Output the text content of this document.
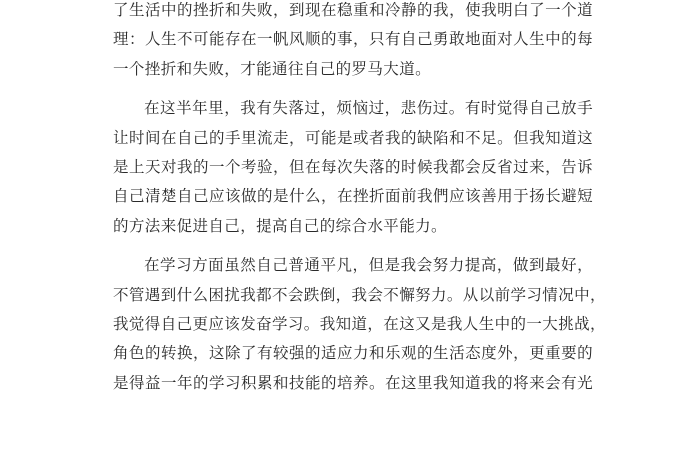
了生活中的挫折和失败，到现在稳重和冷静的我，使我明白了一个道
理：人生不可能存在一帆风顺的事，只有自己勇敢地面对人生中的每
一个挫折和失败，才能通往自己的罗马大道。
在这半年里，我有失落过，烦恼过，悲伤过。有时觉得自己放手
让时间在自己的手里流走，可能是或者我的缺陷和不足。但我知道这
是上天对我的一个考验，但在每次失落的时候我都会反省过来，告诉
自己清楚自己应该做的是什么，在挫折面前我們应该善用于扬长避短
的方法来促进自己，提高自己的综合水平能力。
在学习方面虽然自己普通平凡，但是我会努力提高，做到最好，
不管遇到什么困扰我都不会跌倒，我会不懈努力。从以前学习情况中，
我觉得自己更应该发奋学习。我知道，在这又是我人生中的一大挑战，
角色的转换，这除了有较强的适应力和乐观的生活态度外，更重要的
是得益一年的学习积累和技能的培养。在这里我知道我的将来会有光
